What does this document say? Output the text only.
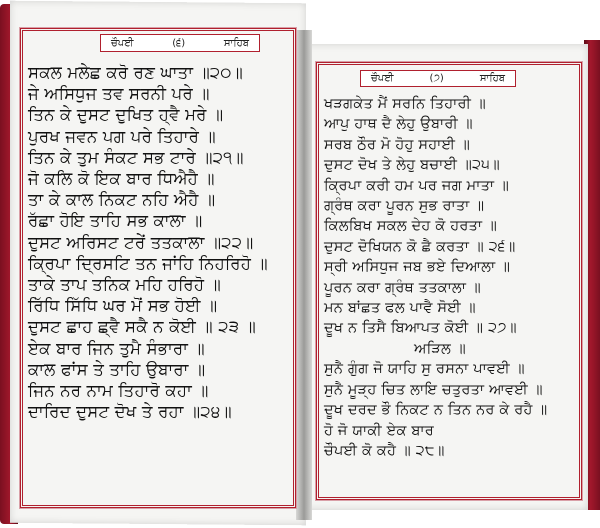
ਚੌਪਈ	(੬)	ਸਾਹਿਬ
ਚੌਪਈ	(੭)	ਸਾਹਿਬ
ਸਕਲ ਮਲੇਛ ਕਰੋ ਰਣ ਘਾਤਾ ॥੨੦॥
ਜੇ ਅਸਿਧੁਜ ਤਵ ਸਰਨੀ ਪਰੇ ॥
ਤਿਨ ਕੇ ਦੁਸਟ ਦੁਖਿਤ ਹ੍ਵੈ ਮਰੇ ॥
ਪੁਰਖ ਜਵਨ ਪਗ ਪਰੇ ਤਿਹਾਰੇ ॥
ਤਿਨ ਕੇ ਤੁਮ ਸੰਕਟ ਸਭ ਟਾਰੇ ॥੨੧॥
ਜੋ ਕਲਿ ਕੋ ਇਕ ਬਾਰ ਧਿਐਹੈ ॥
ਤਾ ਕੇ ਕਾਲ ਨਿਕਟ ਨਹਿ ਐਹੈ ॥
ਰੱਛਾ ਹੋਇ ਤਾਹਿ ਸਭ ਕਾਲਾ ॥
ਦੁਸਟ ਅਰਿਸਟ ਟਰੇਂ ਤਤਕਾਲਾ ॥੨੨॥
ਕ੍ਰਿਪਾ ਦ੍ਰਿਸਟਿ ਤਨ ਜਾਂਹਿ ਨਿਹਰਿਹੋ ॥
ਤਾਕੇ ਤਾਪ ਤਨਿਕ ਮਹਿ ਹਰਿਹੋ ॥
ਰਿੱਧਿ ਸਿੱਧਿ ਘਰ ਮੋਂ ਸਭ ਹੋਈ ॥
ਦੁਸਟ ਛਾਹ ਛ੍ਵੈ ਸਕੈ ਨ ਕੋਈ ॥ ੨੩ ॥
ਏਕ ਬਾਰ ਜਿਨ ਤੁਮੈ ਸੰਭਾਰਾ ॥
ਕਾਲ ਫਾਂਸ ਤੇ ਤਾਹਿ ਉਬਾਰਾ ॥
ਜਿਨ ਨਰ ਨਾਮ ਤਿਹਾਰੋ ਕਹਾ ॥
ਦਾਰਿਦ ਦੁਸਟ ਦੋਖ ਤੇ ਰਹਾ ॥੨੪॥
ਖੜਗਕੇਤ ਮੈਂ ਸਰਨਿ ਤਿਹਾਰੀ ॥
ਆਪੁ ਹਾਥ ਦੈ ਲੇਹੁ ਉਬਾਰੀ ॥
ਸਰਬ ਠੌਰ ਮੋ ਹੋਹੁ ਸਹਾਈ ॥
ਦੁਸਟ ਦੋਖ ਤੇ ਲੇਹੁ ਬਚਾਈ ॥੨੫॥
ਕ੍ਰਿਪਾ ਕਰੀ ਹਮ ਪਰ ਜਗ ਮਾਤਾ ॥
ਗ੍ਰੰਥ ਕਰਾ ਪੂਰਨ ਸੁਭ ਰਾਤਾ ॥
ਕਿਲਬਿਖ ਸਕਲ ਦੇਹ ਕੋ ਹਰਤਾ ॥
ਦੁਸਟ ਦੋਖਿਯਨ ਕੋ ਛੈ ਕਰਤਾ ॥ ੨੬॥
ਸ੍ਰੀ ਅਸਿਧੁਜ ਜਬ ਭਏ ਦਿਆਲਾ ॥
ਪੂਰਨ ਕਰਾ ਗ੍ਰੰਥ ਤਤਕਾਲਾ ॥
ਮਨ ਬਾਂਛਤ ਫਲ ਪਾਵੈ ਸੋਈ ॥
ਦੂਖ ਨ ਤਿਸੈ ਬਿਆਪਤ ਕੋਈ ॥ ੨੭॥
ਅੜਿਲ ॥
ਸੁਨੈ ਗੁੰਗ ਜੋ ਯਾਹਿ ਸੁ ਰਸਨਾ ਪਾਵਈ ॥
ਸੁਨੈ ਮੂੜ੍ਹ ਚਿਤ ਲਾਇ ਚਤੁਰਤਾ ਆਵਈ ॥
ਦੂਖ ਦਰਦ ਭੌ ਨਿਕਟ ਨ ਤਿਨ ਨਰ ਕੇ ਰਹੈ ॥
ਹੋ ਜੋ ਯਾਕੀ ਏਕ ਬਾਰ
ਚੌਪਈ ਕੋ ਕਹੈ ॥ ੨੮॥
